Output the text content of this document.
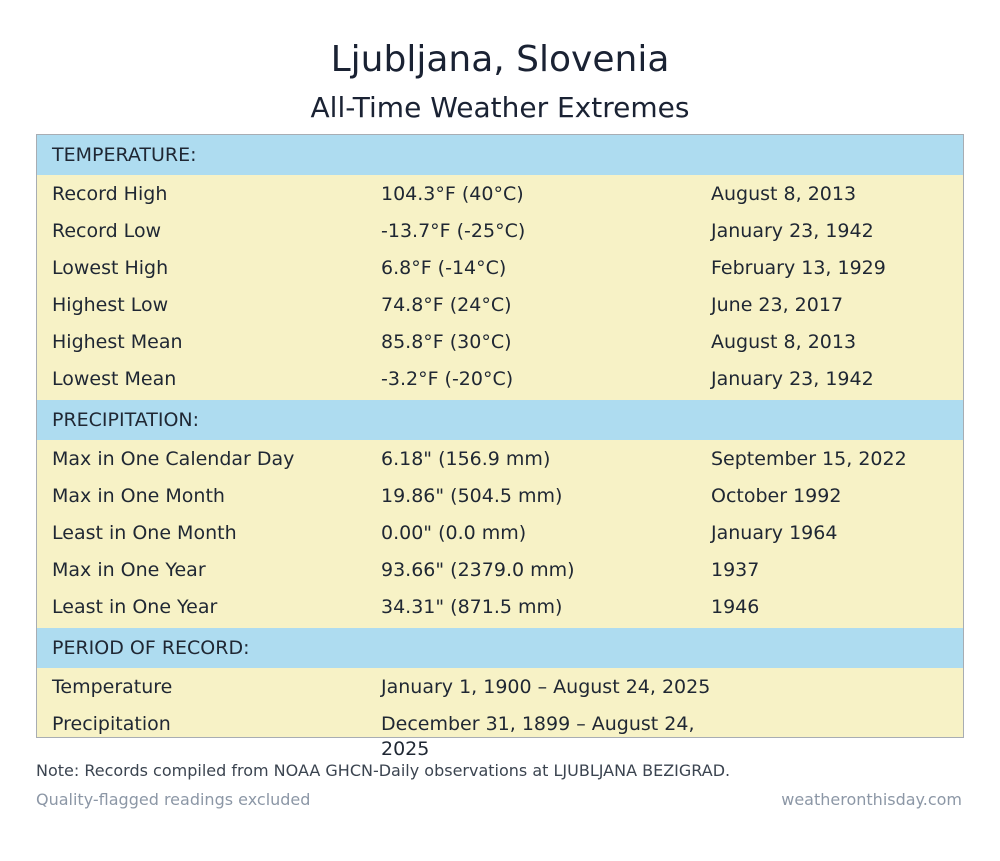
Ljubljana, Slovenia
All-Time Weather Extremes
TEMPERATURE:
Record High	104.3°F (40°C)	August 8, 2013
Record Low	-13.7°F (-25°C)	January 23, 1942
Lowest High	6.8°F (-14°C)	February 13, 1929
Highest Low	74.8°F (24°C)	June 23, 2017
Highest Mean	85.8°F (30°C)	August 8, 2013
Lowest Mean	-3.2°F (-20°C)	January 23, 1942
PRECIPITATION:
Max in One Calendar Day	6.18" (156.9 mm)	September 15, 2022
Max in One Month	19.86" (504.5 mm)	October 1992
Least in One Month	0.00" (0.0 mm)	January 1964
Max in One Year	93.66" (2379.0 mm)	1937
Least in One Year	34.31" (871.5 mm)	1946
PERIOD OF RECORD:
Temperature	January 1, 1900 – August 24, 2025
Precipitation	December 31, 1899 – August 24, 2025
Note: Records compiled from NOAA GHCN-Daily observations at LJUBLJANA BEZIGRAD.
Quality-flagged readings excluded	weatheronthisday.com
